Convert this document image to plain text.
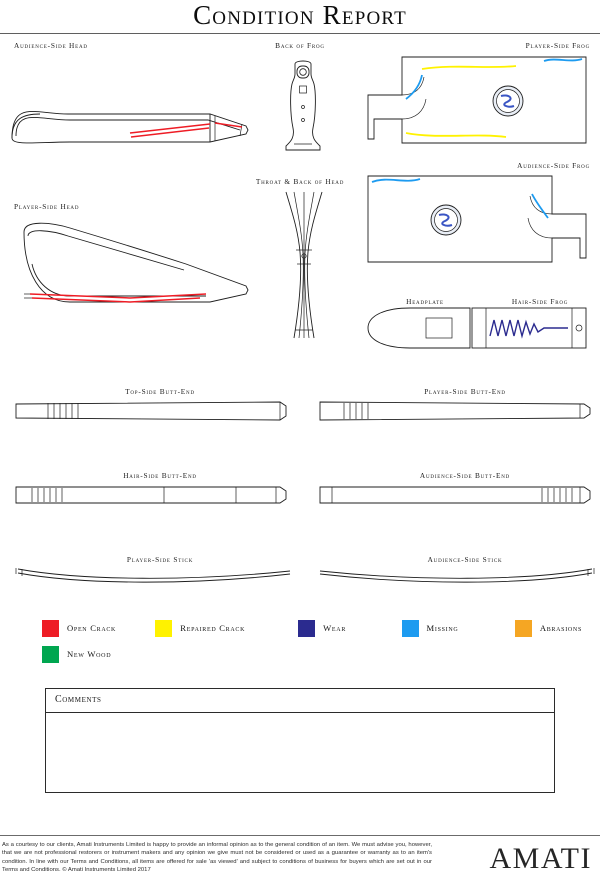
Condition Report
Audience-Side Head	Back of Frog	Player-Side Frog
Audience-Side Frog
Player-Side Head
Throat & Back of Head
Headplate	Hair-Side Frog
Top-Side Butt-End	Player-Side Butt-End
Hair-Side Butt-End	Audience-Side Butt-End
Player-Side Stick	Audience-Side Stick
Open Crack	Repaired Crack	Wear	Missing	Abrasions
New Wood
Comments
As a courtesy to our clients, Amati Instruments Limited is happy to provide an informal opinion as to the general condition of an item. We must advise you, however, that we are not professional restorers or instrument makers and any opinion we give must not be considered or used as a guarantee or warranty as to an item's condition. In line with our Terms and Conditions, all items are offered for sale 'as viewed' and subject to conditions of business for buyers which are set out in our Terms and Conditions. © Amati Instruments Limited 2017	AMATI
